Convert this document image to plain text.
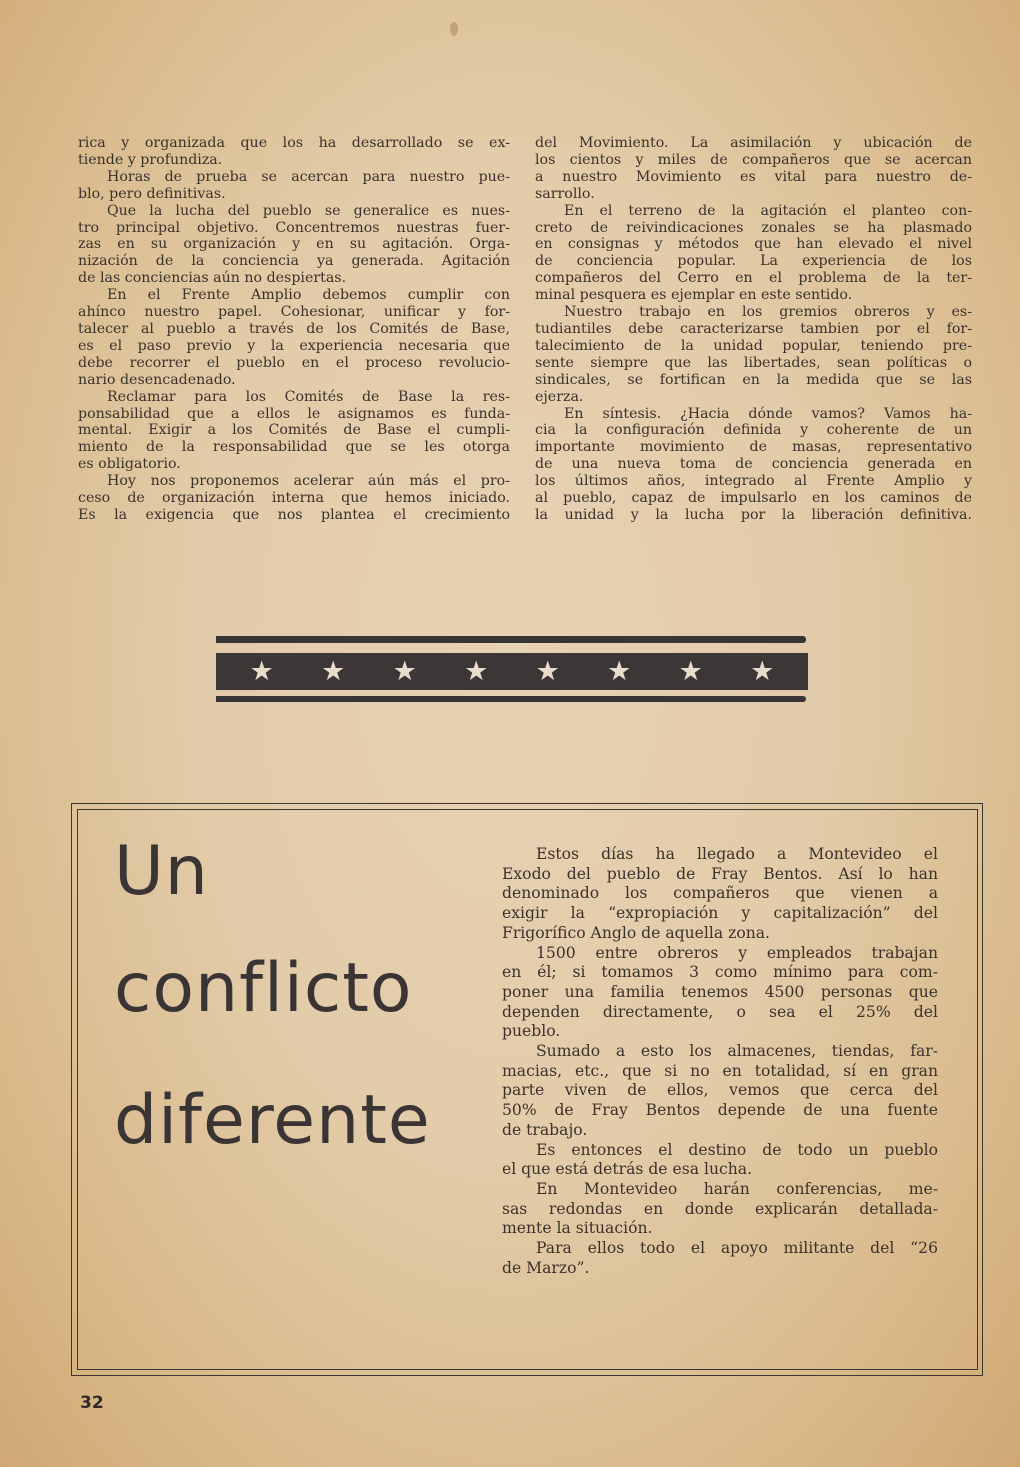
rica y organizada que los ha desarrollado se ex-
tiende y profundiza.

Horas de prueba se acercan para nuestro pue-
blo, pero definitivas.

Que la lucha del pueblo se generalice es nues-
tro principal objetivo. Concentremos nuestras fuer-
zas en su organización y en su agitación. Orga-
nización de la conciencia ya generada. Agitación
de las conciencias aún no despiertas.

En el Frente Amplio debemos cumplir con
ahínco nuestro papel. Cohesionar, unificar y for-
talecer al pueblo a través de los Comités de Base,
es el paso previo y la experiencia necesaria que
debe recorrer el pueblo en el proceso revolucio-
nario desencadenado.

Reclamar para los Comités de Base la res-
ponsabilidad que a ellos le asignamos es funda-
mental. Exigir a los Comités de Base el cumpli-
miento de la responsabilidad que se les otorga
es obligatorio.

Hoy nos proponemos acelerar aún más el pro-
ceso de organización interna que hemos iniciado.
Es la exigencia que nos plantea el crecimiento

del Movimiento. La asimilación y ubicación de
los cientos y miles de compañeros que se acercan
a nuestro Movimiento es vital para nuestro de-
sarrollo.

En el terreno de la agitación el planteo con-
creto de reivindicaciones zonales se ha plasmado
en consignas y métodos que han elevado el nivel
de conciencia popular. La experiencia de los
compañeros del Cerro en el problema de la ter-
minal pesquera es ejemplar en este sentido.

Nuestro trabajo en los gremios obreros y es-
tudiantiles debe caracterizarse tambien por el for-
talecimiento de la unidad popular, teniendo pre-
sente siempre que las libertades, sean políticas o
sindicales, se fortifican en la medida que se las
ejerza.

En síntesis. ¿Hacia dónde vamos? Vamos ha-
cia la configuración definida y coherente de un
importante movimiento de masas, representativo
de una nueva toma de conciencia generada en
los últimos años, integrado al Frente Amplio y
al pueblo, capaz de impulsarlo en los caminos de
la unidad y la lucha por la liberación definitiva.

★ ★ ★ ★ ★ ★ ★ ★
Un
conflicto
diferente

Estos días ha llegado a Montevideo el
Exodo del pueblo de Fray Bentos. Así lo han
denominado los compañeros que vienen a
exigir la “expropiación y capitalización” del
Frigorífico Anglo de aquella zona.

1500 entre obreros y empleados trabajan
en él; si tomamos 3 como mínimo para com-
poner una familia tenemos 4500 personas que
dependen directamente, o sea el 25% del
pueblo.

Sumado a esto los almacenes, tiendas, far-
macias, etc., que si no en totalidad, sí en gran
parte viven de ellos, vemos que cerca del
50% de Fray Bentos depende de una fuente
de trabajo.

Es entonces el destino de todo un pueblo
el que está detrás de esa lucha.

En Montevideo harán conferencias, me-
sas redondas en donde explicarán detallada-
mente la situación.

Para ellos todo el apoyo militante del “26
de Marzo”.

32
